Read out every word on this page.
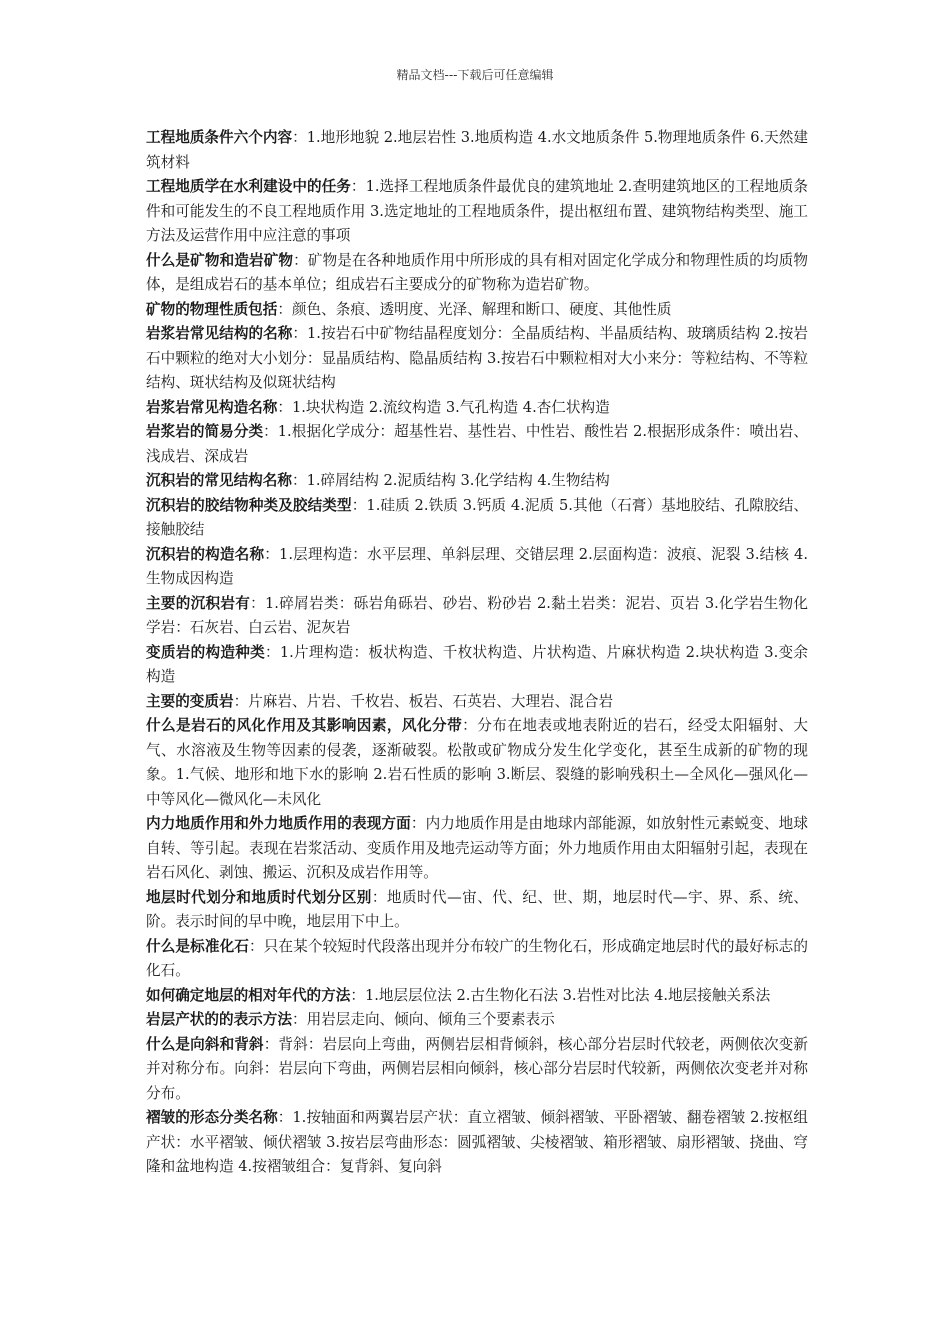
精品文档---下载后可任意编辑

工程地质条件六个内容：1.地形地貌 2.地层岩性 3.地质构造 4.水文地质条件 5.物理地质条件 6.天然建筑材料

工程地质学在水利建设中的任务：1.选择工程地质条件最优良的建筑地址 2.查明建筑地区的工程地质条件和可能发生的不良工程地质作用 3.选定地址的工程地质条件，提出枢纽布置、建筑物结构类型、施工方法及运营作用中应注意的事项

什么是矿物和造岩矿物：矿物是在各种地质作用中所形成的具有相对固定化学成分和物理性质的均质物体，是组成岩石的基本单位；组成岩石主要成分的矿物称为造岩矿物。

矿物的物理性质包括：颜色、条痕、透明度、光泽、解理和断口、硬度、其他性质

岩浆岩常见结构的名称：1.按岩石中矿物结晶程度划分：全晶质结构、半晶质结构、玻璃质结构 2.按岩石中颗粒的绝对大小划分：显晶质结构、隐晶质结构 3.按岩石中颗粒相对大小来分：等粒结构、不等粒结构、斑状结构及似斑状结构

岩浆岩常见构造名称：1.块状构造 2.流纹构造 3.气孔构造 4.杏仁状构造

岩浆岩的简易分类：1.根据化学成分：超基性岩、基性岩、中性岩、酸性岩 2.根据形成条件：喷出岩、浅成岩、深成岩

沉积岩的常见结构名称：1.碎屑结构 2.泥质结构 3.化学结构 4.生物结构

沉积岩的胶结物种类及胶结类型：1.硅质 2.铁质 3.钙质 4.泥质 5.其他（石膏）基地胶结、孔隙胶结、接触胶结

沉积岩的构造名称：1.层理构造：水平层理、单斜层理、交错层理 2.层面构造：波痕、泥裂 3.结核 4.生物成因构造

主要的沉积岩有：1.碎屑岩类：砾岩角砾岩、砂岩、粉砂岩 2.黏土岩类：泥岩、页岩 3.化学岩生物化学岩：石灰岩、白云岩、泥灰岩

变质岩的构造种类：1.片理构造：板状构造、千枚状构造、片状构造、片麻状构造 2.块状构造 3.变余构造

主要的变质岩：片麻岩、片岩、千枚岩、板岩、石英岩、大理岩、混合岩

什么是岩石的风化作用及其影响因素，风化分带：分布在地表或地表附近的岩石，经受太阳辐射、大气、水溶液及生物等因素的侵袭，逐渐破裂。松散或矿物成分发生化学变化，甚至生成新的矿物的现象。1.气候、地形和地下水的影响 2.岩石性质的影响 3.断层、裂缝的影响残积土—全风化—强风化—中等风化—微风化—未风化

内力地质作用和外力地质作用的表现方面：内力地质作用是由地球内部能源，如放射性元素蜕变、地球自转、等引起。表现在岩浆活动、变质作用及地壳运动等方面；外力地质作用由太阳辐射引起，表现在岩石风化、剥蚀、搬运、沉积及成岩作用等。

地层时代划分和地质时代划分区别：地质时代—宙、代、纪、世、期，地层时代—宇、界、系、统、阶。表示时间的早中晚，地层用下中上。

什么是标准化石：只在某个较短时代段落出现并分布较广的生物化石，形成确定地层时代的最好标志的化石。

如何确定地层的相对年代的方法：1.地层层位法 2.古生物化石法 3.岩性对比法 4.地层接触关系法

岩层产状的的表示方法：用岩层走向、倾向、倾角三个要素表示

什么是向斜和背斜：背斜：岩层向上弯曲，两侧岩层相背倾斜，核心部分岩层时代较老，两侧依次变新并对称分布。向斜：岩层向下弯曲，两侧岩层相向倾斜，核心部分岩层时代较新，两侧依次变老并对称分布。

褶皱的形态分类名称：1.按轴面和两翼岩层产状：直立褶皱、倾斜褶皱、平卧褶皱、翻卷褶皱 2.按枢组产状：水平褶皱、倾伏褶皱 3.按岩层弯曲形态：圆弧褶皱、尖棱褶皱、箱形褶皱、扇形褶皱、挠曲、穹隆和盆地构造 4.按褶皱组合：复背斜、复向斜
